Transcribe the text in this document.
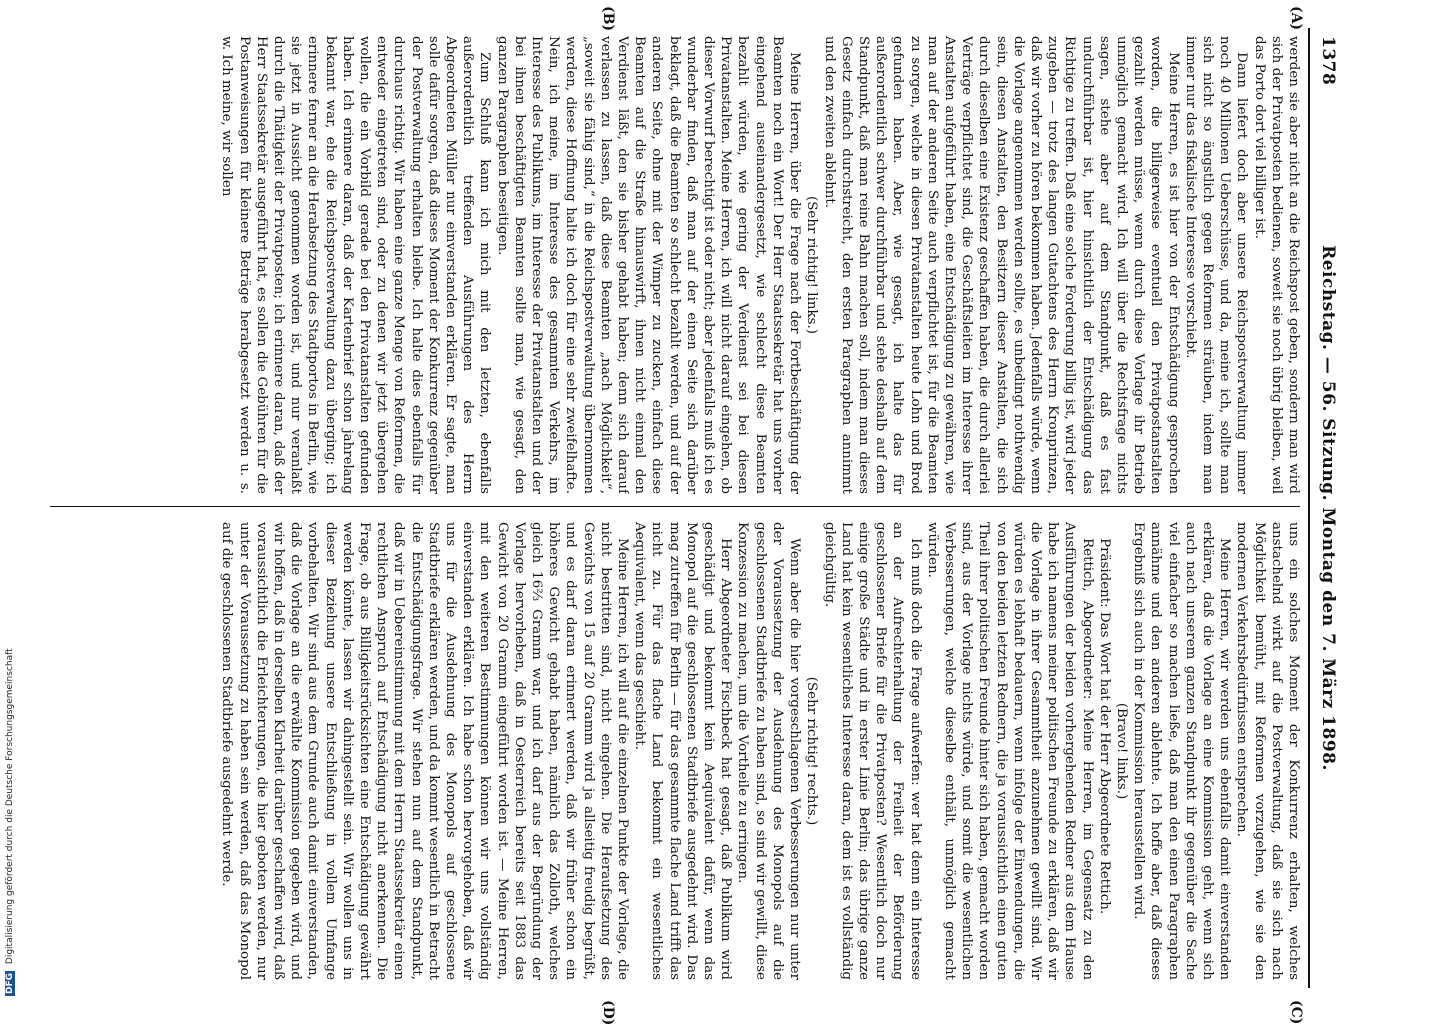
1378
Reichstag. — 56. Sitzung. Montag den 7. März 1898.
(A)
(B)
(C)
(D)

werden sie aber nicht an die Reichspost geben, sondern man wird sich der Privatposten bedienen, soweit sie noch übrig bleiben, weil das Porto dort viel billiger ist.

Dann liefert doch aber unsere Reichspostverwaltung immer noch 40 Millionen Ueberschüsse, und da, meine ich, sollte man sich nicht so ängstlich gegen Reformen sträuben, indem man immer nur das fiskalische Interesse vorschiebt.

Meine Herren, es ist hier von der Entschädigung gesprochen worden, die billigerweise eventuell den Privatpostanstalten gezahlt werden müsse, wenn durch diese Vorlage ihr Betrieb unmöglich gemacht wird. Ich will über die Rechtsfrage nichts sagen, stehe aber auf dem Standpunkt, daß es fast undurchführbar ist, hier hinsichtlich der Entschädigung das Richtige zu treffen. Daß eine solche Forderung billig ist, wird jeder zugeben — trotz des langen Gutachtens des Herrn Kronprinzen, daß wir vorher zu hören bekommen haben. Jedenfalls würde, wenn die Vorlage angenommen werden sollte, es unbedingt nothwendig sein, diesen Anstalten, den Besitzern dieser Anstalten, die sich durch dieselben eine Existenz geschaffen haben, die durch allerlei Verträge verpflichtet sind, die Geschäftsleiten im Interesse ihrer Anstalten aufgeführt haben, eine Entschädigung zu gewähren, wie man auf der anderen Seite auch verpflichtet ist, für die Beamten zu sorgen, welche in diesen Privatanstalten heute Lohn und Brod gefunden haben. Aber, wie gesagt, ich halte das für außerordentlich schwer durchführbar und stehe deshalb auf dem Standpunkt, daß man reine Bahn machen soll, indem man dieses Gesetz einfach durchstreicht, den ersten Paragraphen annimmt und den zweiten ablehnt.

(Sehr richtig! links.)

Meine Herren, über die Frage nach der Fortbeschäftigung der Beamten noch ein Wort! Der Herr Staatssekretär hat uns vorher eingehend auseinandergesetzt, wie schlecht diese Beamten bezahlt würden, wie gering der Verdienst sei bei diesen Privatanstalten. Meine Herren, ich will nicht darauf eingehen, ob dieser Vorwurf berechtigt ist oder nicht; aber jedenfalls muß ich es wunderbar finden, daß man auf der einen Seite sich darüber beklagt, daß die Beamten so schlecht bezahlt werden, und auf der anderen Seite, ohne mit der Wimper zu zucken, einfach diese Beamten auf die Straße hinauswirft, ihnen nicht einmal den Verdienst läßt, den sie bisher gehabt haben; denn sich darauf verlassen zu lassen, daß diese Beamten „nach Möglichkeit“, „soweit sie fähig sind,“ in die Reichspostverwaltung übernommen werden, diese Hoffnung halte ich doch für eine sehr zweifelhafte. Nein, ich meine, im Interesse des gesammten Verkehrs, im Interesse des Publikums, im Interesse der Privatanstalten und der bei ihnen beschäftigten Beamten sollte man, wie gesagt, den ganzen Paragraphen beseitigen.

Zum Schluß kann ich mich mit den letzten, ebenfalls außerordentlich treffenden Ausführungen des Herrn Abgeordneten Müller nur einverstanden erklären. Er sagte, man solle dafür sorgen, daß dieses Moment der Konkurrenz gegenüber der Postverwaltung erhalten bleibe. Ich halte dies ebenfalls für durchaus richtig. Wir haben eine ganze Menge von Reformen, die entweder eingetreten sind, oder zu denen wir jetzt übergehen wollen, die ein Vorbild gerade bei den Privatanstalten gefunden haben. Ich erinnere daran, daß der Kartenbrief schon jahrelang bekannt war, ehe die Reichspostverwaltung dazu überging; ich erinnere ferner an die Herabsetzung des Stadtportos in Berlin, wie sie jetzt in Aussicht genommen worden ist, und nur veranlaßt durch die Thätigkeit der Privatposten; ich erinnere daran, daß der Herr Staatssekretär ausgeführt hat, es sollen die Gebühren für die Postanweisungen für kleinere Beträge herabgesetzt werden u. s. w. Ich meine, wir sollen

uns ein solches Moment der Konkurrenz erhalten, welches anstachelnd wirkt auf die Postverwaltung, daß sie sich nach Möglichkeit bemüht, mit Reformen vorzugehen, wie sie den modernen Verkehrsbedürfnissen entsprechen.

Meine Herren, wir werden uns ebenfalls damit einverstanden erklären, daß die Vorlage an eine Kommission geht, wenn sich auch nach unserem ganzen Standpunkt ihr gegenüber die Sache viel einfacher so machen ließe, daß man den einen Paragraphen annähme und den anderen ablehnte. Ich hoffe aber, daß dieses Ergebniß sich auch in der Kommission herausstellen wird.

(Bravo! links.)

Präsident: Das Wort hat der Herr Abgeordnete Rettich.

Rettich, Abgeordneter: Meine Herren, im Gegensatz zu den Ausführungen der beiden vorhergehenden Redner aus dem Hause habe ich namens meiner politischen Freunde zu erklären, daß wir die Vorlage in ihrer Gesammtheit anzunehmen gewillt sind. Wir würden es lebhaft bedauern, wenn infolge der Einwendungen, die von den beiden letzten Rednern, die ja voraussichtlich einen guten Theil ihrer politischen Freunde hinter sich haben, gemacht worden sind, aus der Vorlage nichts würde, und somit die wesentlichen Verbesserungen, welche dieselbe enthält, unmöglich gemacht würden.

Ich muß doch die Frage aufwerfen: wer hat denn ein Interesse an der Aufrechterhaltung der Freiheit der Beförderung geschlossener Briefe für die Privatposten? Wesentlich doch nur einige große Städte und in erster Linie Berlin; das übrige ganze Land hat kein wesentliches Interesse daran, dem ist es vollständig gleichgültig.

(Sehr richtig! rechts.)

Wenn aber die hier vorgeschlagenen Verbesserungen nur unter der Voraussetzung der Ausdehnung des Monopols auf die geschlossenen Stadtbriefe zu haben sind, so sind wir gewillt, diese Konzession zu machen, um die Vortheile zu erringen.

Herr Abgeordneter Fischbeck hat gesagt, daß Publikum wird geschädigt und bekommt kein Aequivalent dafür, wenn das Monopol auf die geschlossenen Stadtbriefe ausgedehnt wird. Das mag zutreffen für Berlin — für das gesammte flache Land trifft das nicht zu. Für das flache Land bekommt ein wesentliches Aequivalent, wenn das geschieht.

Meine Herren, ich will auf die einzelnen Punkte der Vorlage, die nicht bestritten sind, nicht eingehen. Die Heraufsetzung des Gewichts von 15 auf 20 Gramm wird ja allseitig freudig begrüßt, und es darf daran erinnert werden, daß wir früher schon ein höheres Gewicht gehabt haben, nämlich das Zolloth, welches gleich 16⅔ Gramm war, und ich darf aus der Begründung der Vorlage hervorheben, daß in Oesterreich bereits seit 1883 das Gewicht von 20 Gramm eingeführt worden ist. — Meine Herren, mit den weiteren Bestimmungen können wir uns vollständig einverstanden erklären. Ich habe schon hervorgehoben, daß wir uns für die Ausdehnung des Monopols auf geschlossene Stadtbriefe erklären werden, und da kommt wesentlich in Betracht die Entschädigungsfrage. Wir stehen nun auf dem Standpunkt, daß wir in Uebereinstimmung mit dem Herrn Staatssekretär einen rechtlichen Anspruch auf Entschädigung nicht anerkennen. Die Frage, ob aus Billigkeitsrücksichten eine Entschädigung gewährt werden könnte, lassen wir dahingestellt sein. Wir wollen uns in dieser Beziehung unsere Entschließung in vollem Umfange vorbehalten. Wir sind aus dem Grunde auch damit einverstanden, daß die Vorlage an die erwählte Kommission gegeben wird, und wir hoffen, daß in derselben Klarheit darüber geschaffen wird, daß voraussichtlich die Erleichterungen, die hier geboten werden, nur unter der Voraussetzung zu haben sein werden, daß das Monopol auf die geschlossenen Stadtbriefe ausgedehnt werde.

DFG Digitalisierung gefördert durch die Deutsche Forschungsgemeinschaft
